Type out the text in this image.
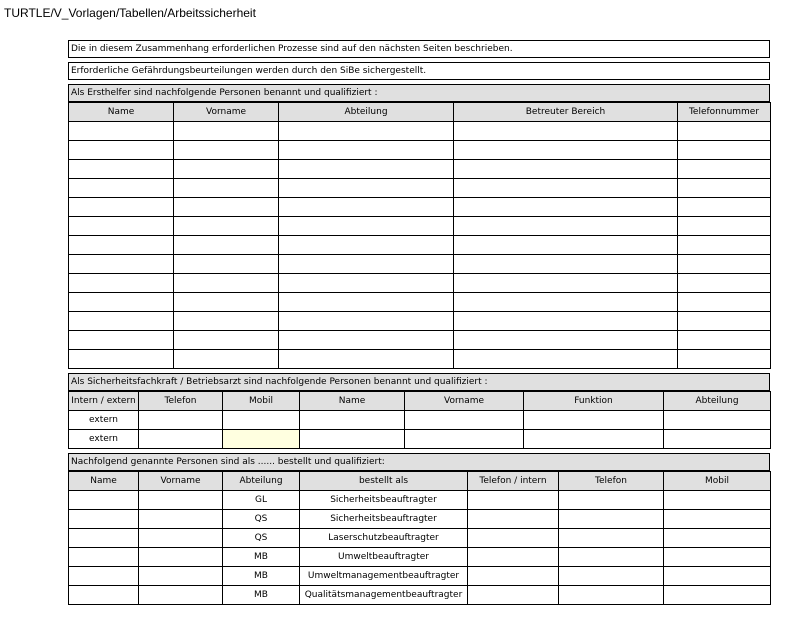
TURTLE/V_Vorlagen/Tabellen/Arbeitssicherheit
Die in diesem Zusammenhang erforderlichen Prozesse sind auf den nächsten Seiten beschrieben.
Erforderliche Gefährdungsbeurteilungen werden durch den SiBe sichergestellt.
Als Ersthelfer sind nachfolgende Personen benannt und qualifiziert :
Name	Vorname	Abteilung	Betreuter Bereich	Telefonnummer

Als Sicherheitsfachkraft / Betriebsarzt sind nachfolgende Personen benannt und qualifiziert :
Intern / extern	Telefon	Mobil	Name	Vorname	Funktion	Abteilung
extern						
extern						
Nachfolgend genannte Personen sind als ...... bestellt und qualifiziert:
Name	Vorname	Abteilung	bestellt als	Telefon / intern	Telefon	Mobil
		GL	Sicherheitsbeauftragter			
		QS	Sicherheitsbeauftragter			
		QS	Laserschutzbeauftragter			
		MB	Umweltbeauftragter			
		MB	Umweltmanagementbeauftragter			
		MB	Qualitätsmanagementbeauftragter			
